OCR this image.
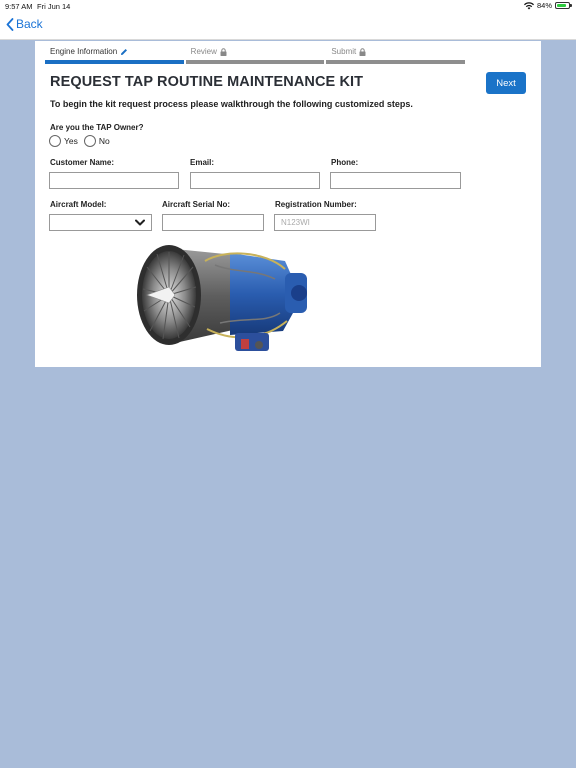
9:57 AM Fri Jun 14	84%
Back
Engine Information	Review	Submit
REQUEST TAP ROUTINE MAINTENANCE KIT	Next
To begin the kit request process please walkthrough the following customized steps.
Are you the TAP Owner?
Yes No
Customer Name:	Email:	Phone:
Aircraft Model:	Aircraft Serial No:	Registration Number:
N123WI
